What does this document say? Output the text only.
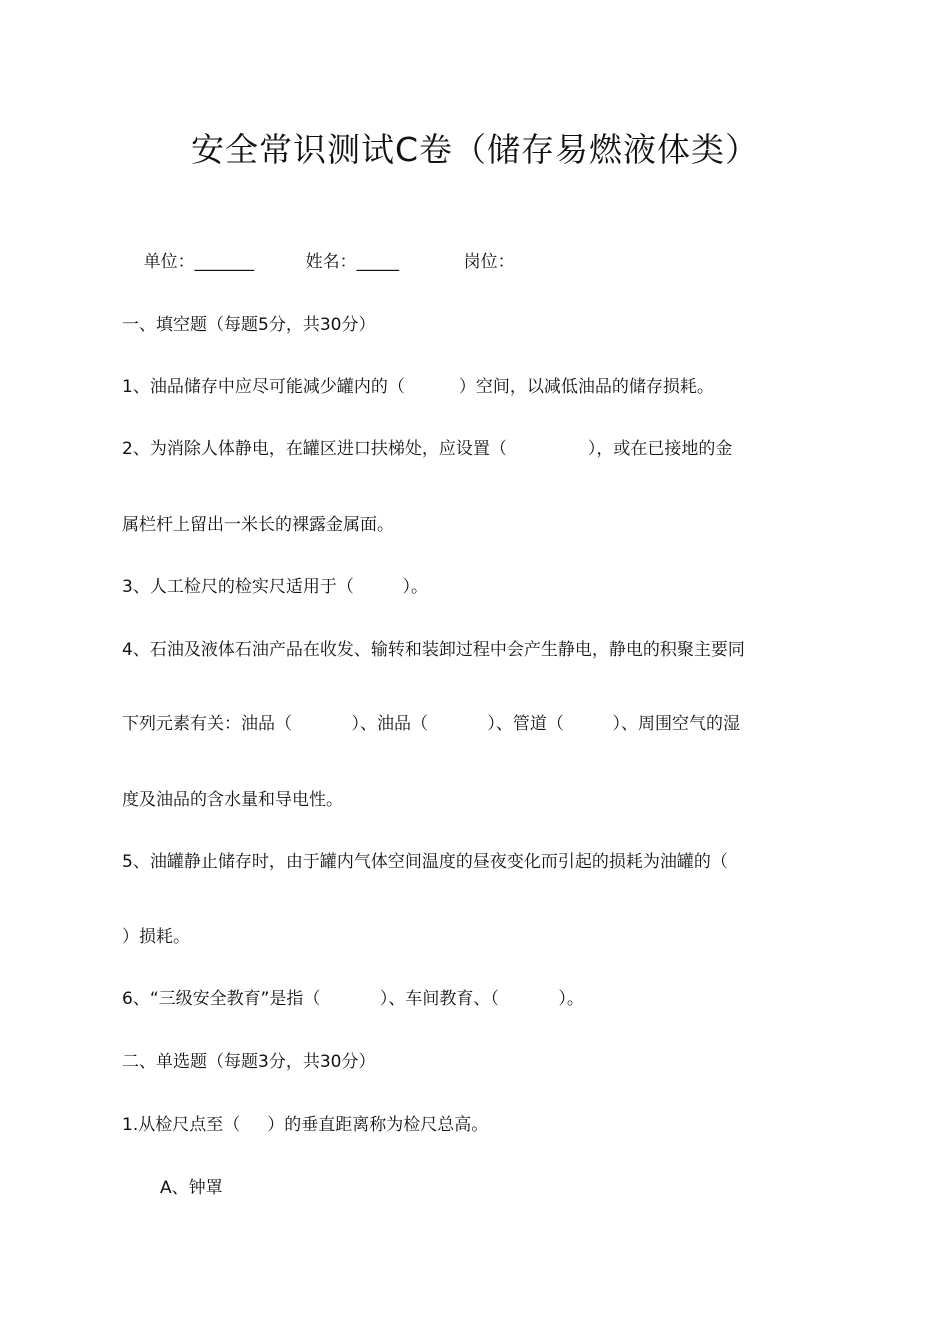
安全常识测试C卷（储存易燃液体类）

单位：_______	姓名：_____	岗位：

一、填空题（每题5分，共30分）
1、油品储存中应尽可能减少罐内的（          ）空间，以减低油品的储存损耗。
2、为消除人体静电，在罐区进口扶梯处，应设置（               ），或在已接地的金
属栏杆上留出一米长的裸露金属面。
3、人工检尺的检实尺适用于（         ）。
4、石油及液体石油产品在收发、输转和装卸过程中会产生静电，静电的积聚主要同
下列元素有关：油品（           ）、油品（           ）、管道（         ）、周围空气的湿
度及油品的含水量和导电性。
5、油罐静止储存时，由于罐内气体空间温度的昼夜变化而引起的损耗为油罐的（
）损耗。
6、“三级安全教育”是指（           ）、车间教育、（           ）。
二、单选题（每题3分，共30分）
1.从检尺点至（     ）的垂直距离称为检尺总高。
A、钟罩
